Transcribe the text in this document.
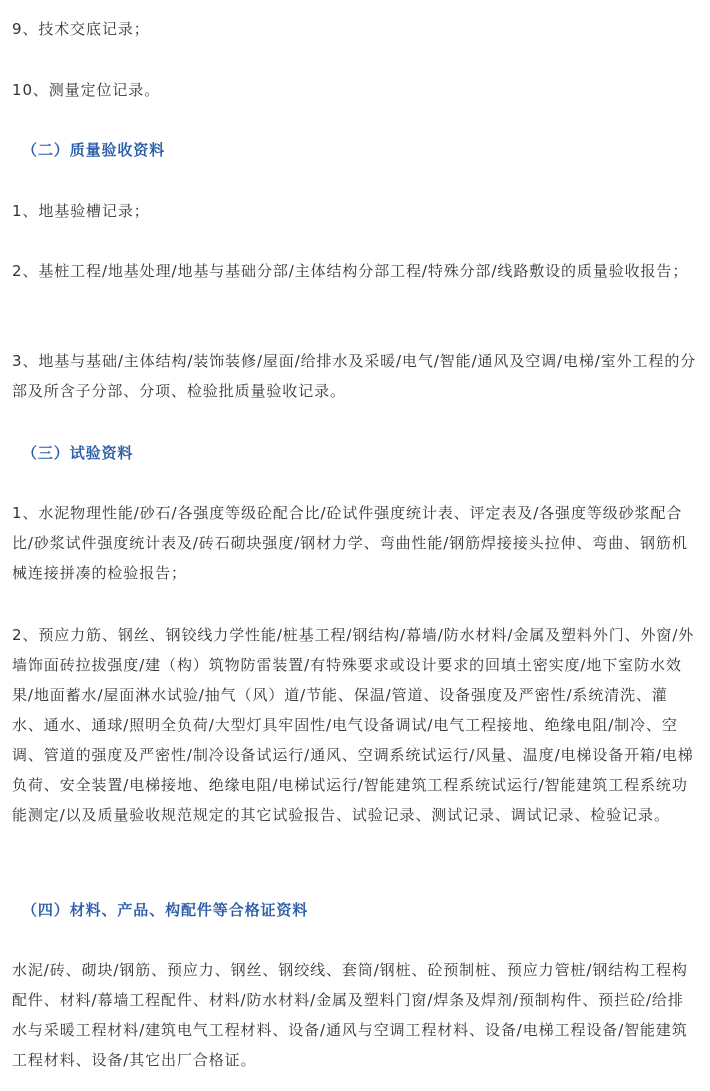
9、技术交底记录；

10、测量定位记录。

（二）质量验收资料

1、地基验槽记录；

2、基桩工程/地基处理/地基与基础分部/主体结构分部工程/特殊分部/线路敷设的质量验收报告；

3、地基与基础/主体结构/装饰装修/屋面/给排水及采暖/电气/智能/通风及空调/电梯/室外工程的分部及所含子分部、分项、检验批质量验收记录。

（三）试验资料

1、水泥物理性能/砂石/各强度等级砼配合比/砼试件强度统计表、评定表及/各强度等级砂浆配合比/砂浆试件强度统计表及/砖石砌块强度/钢材力学、弯曲性能/钢筋焊接接头拉伸、弯曲、钢筋机械连接拼凑的检验报告；

2、预应力筋、钢丝、钢铰线力学性能/桩基工程/钢结构/幕墙/防水材料/金属及塑料外门、外窗/外墙饰面砖拉拔强度/建（构）筑物防雷装置/有特殊要求或设计要求的回填土密实度/地下室防水效果/地面蓄水/屋面淋水试验/抽气（风）道/节能、保温/管道、设备强度及严密性/系统清洗、灌水、通水、通球/照明全负荷/大型灯具牢固性/电气设备调试/电气工程接地、绝缘电阻/制冷、空调、管道的强度及严密性/制冷设备试运行/通风、空调系统试运行/风量、温度/电梯设备开箱/电梯负荷、安全装置/电梯接地、绝缘电阻/电梯试运行/智能建筑工程系统试运行/智能建筑工程系统功能测定/以及质量验收规范规定的其它试验报告、试验记录、测试记录、调试记录、检验记录。

（四）材料、产品、构配件等合格证资料

水泥/砖、砌块/钢筋、预应力、钢丝、钢绞线、套筒/钢桩、砼预制桩、预应力管桩/钢结构工程构配件、材料/幕墙工程配件、材料/防水材料/金属及塑料门窗/焊条及焊剂/预制构件、预拦砼/给排水与采暖工程材料/建筑电气工程材料、设备/通风与空调工程材料、设备/电梯工程设备/智能建筑工程材料、设备/其它出厂合格证。
